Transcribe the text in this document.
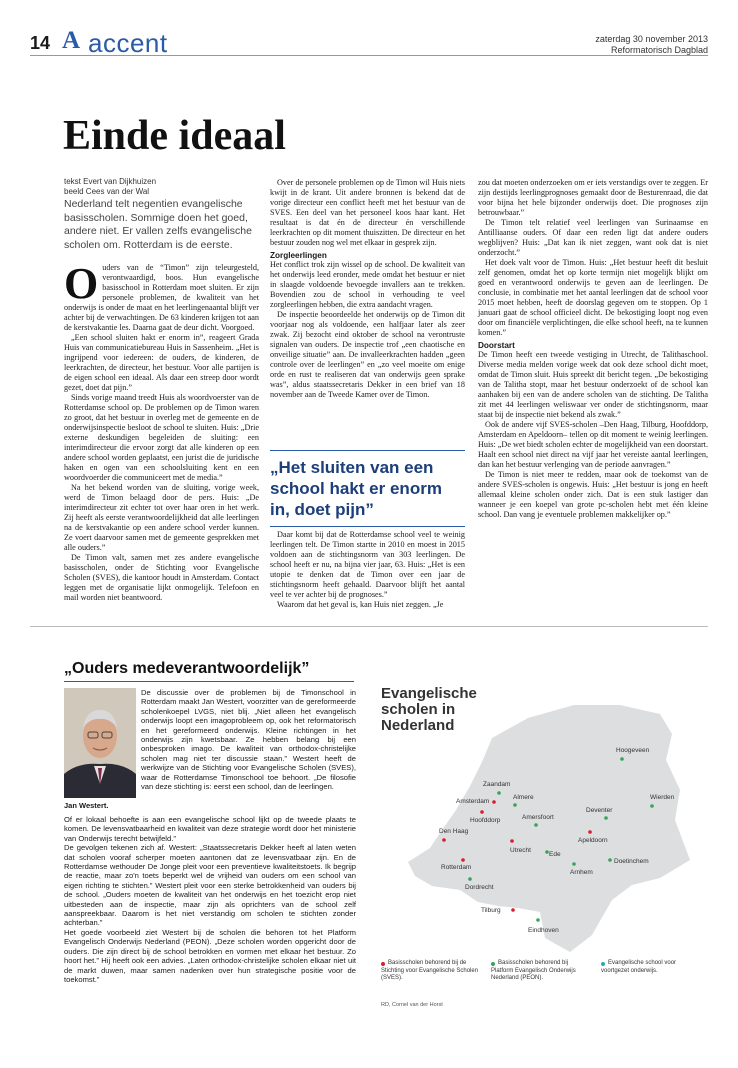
14 A accent	zaterdag 30 november 2013
Reformatorisch Dagblad
Einde ideaal
tekst Evert van Dijkhuizen
beeld Cees van der Wal
Nederland telt negentien evangelische basisscholen. Sommige doen het goed, andere niet. Er vallen zelfs evangelische scholen om. Rotterdam is de eerste.

Ouders van de “Timon” zijn teleurgesteld, verontwaardigd, boos. Hun evangelische basisschool in Rotterdam moet sluiten. Er zijn personele problemen, de kwaliteit van het onderwijs is onder de maat en het leerlingenaantal blijft ver achter bij de verwachtingen. De 63 kinderen krijgen tot aan de kerstvakantie les. Daarna gaat de deur dicht. Voorgoed.

„Een school sluiten hakt er enorm in”, reageert Grada Huis van communicatiebureau Huis in Sassenheim. „Het is ingrijpend voor iedereen: de ouders, de kinderen, de leerkrachten, de directeur, het bestuur. Voor alle partijen is de eigen school een ideaal. Als daar een streep door wordt gezet, doet dat pijn.”

Sinds vorige maand treedt Huis als woordvoerster van de Rotterdamse school op. De problemen op de Timon waren zo groot, dat het bestuur in overleg met de gemeente en de onderwijsinspectie besloot de school te sluiten. Huis: „Drie externe deskundigen begeleiden de sluiting: een interimdirecteur die ervoor zorgt dat alle kinderen op een andere school worden geplaatst, een jurist die de juridische haken en ogen van een schoolsluiting kent en een woordvoerder die communiceert met de media.”

Na het bekend worden van de sluiting, vorige week, werd de Timon belaagd door de pers. Huis: „De interimdirecteur zit echter tot over haar oren in het werk. Zij heeft als eerste verantwoordelijkheid dat alle leerlingen na de kerstvakantie op een andere school verder kunnen. Ze voert daarvoor samen met de gemeente gesprekken met alle ouders.”

De Timon valt, samen met zes andere evangelische basisscholen, onder de Stichting voor Evangelische Scholen (SVES), die kantoor houdt in Amsterdam. Contact leggen met de organisatie lijkt onmogelijk. Telefoon en mail worden niet beantwoord.

Over de personele problemen op de Timon wil Huis niets kwijt in de krant. Uit andere bronnen is bekend dat de vorige directeur een conflict heeft met het bestuur van de SVES. Een deel van het personeel koos haar kant. Het resultaat is dat én de directeur én verschillende leerkrachten op dit moment thuiszitten. De directeur en het bestuur zouden nog wel met elkaar in gesprek zijn.

Zorgleerlingen

Het conflict trok zijn wissel op de school. De kwaliteit van het onderwijs leed eronder, mede omdat het bestuur er niet in slaagde voldoende bevoegde invallers aan te trekken. Bovendien zou de school in verhouding te veel zorgleerlingen hebben, die extra aandacht vragen.

De inspectie beoordeelde het onderwijs op de Timon dit voorjaar nog als voldoende, een halfjaar later als zeer zwak. Zij bezocht eind oktober de school na verontruste signalen van ouders. De inspectie trof „een chaotische en onveilige situatie” aan. De invalleerkrachten hadden „geen controle over de leerlingen” en „zo veel moeite om enige orde en rust te realiseren dat van onderwijs geen sprake was”, aldus staatssecretaris Dekker in een brief van 18 november aan de Tweede Kamer over de Timon.

„Het sluiten van een school hakt er enorm in, doet pijn”

Daar komt bij dat de Rotterdamse school veel te weinig leerlingen telt. De Timon startte in 2010 en moest in 2015 voldoen aan de stichtingsnorm van 303 leerlingen. De school heeft er nu, na bijna vier jaar, 63. Huis: „Het is een utopie te denken dat de Timon over een jaar de stichtingsnorm heeft gehaald. Daarvoor blijft het aantal veel te ver achter bij de prognoses.”

Waarom dat het geval is, kan Huis niet zeggen. „Je

zou dat moeten onderzoeken om er iets verstandigs over te zeggen. Er zijn destijds leerlingprognoses gemaakt door de Besturenraad, die dat voor bijna het hele bijzonder onderwijs doet. Die prognoses zijn betrouwbaar.”

De Timon telt relatief veel leerlingen van Surinaamse en Antilliaanse ouders. Of daar een reden ligt dat andere ouders wegblijven? Huis: „Dat kan ik niet zeggen, want ook dat is niet onderzocht.”

Het doek valt voor de Timon. Huis: „Het bestuur heeft dit besluit zelf genomen, omdat het op korte termijn niet mogelijk blijkt om goed en verantwoord onderwijs te geven aan de leerlingen. De conclusie, in combinatie met het aantal leerlingen dat de school voor 2015 moet hebben, heeft de doorslag gegeven om te stoppen. Op 1 januari gaat de school officieel dicht. De bekostiging loopt nog even door om financiële verplichtingen, die elke school heeft, na te kunnen komen.”

Doorstart

De Timon heeft een tweede vestiging in Utrecht, de Talithaschool. Diverse media melden vorige week dat ook deze school dicht moet, omdat de Timon sluit. Huis spreekt dit bericht tegen. „De bekostiging van de Talitha stopt, maar het bestuur onderzoekt of de school kan aanhaken bij een van de andere scholen van de stichting. De Talitha zit met 44 leerlingen weliswaar ver onder de stichtingsnorm, maar staat bij de inspectie niet bekend als zwak.”

Ook de andere vijf SVES-scholen –Den Haag, Tilburg, Hoofddorp, Amsterdam en Apeldoorn– tellen op dit moment te weinig leerlingen. Huis: „De wet biedt scholen echter de mogelijkheid van een doorstart. Haalt een school niet direct na vijf jaar het vereiste aantal leerlingen, dan kan het bestuur verlenging van de periode aanvragen.”

De Timon is niet meer te redden, maar ook de toekomst van de andere SVES-scholen is ongewis. Huis: „Het bestuur is jong en heeft allemaal kleine scholen onder zich. Dat is een stuk lastiger dan wanneer je een koepel van grote pc-scholen hebt met één kleine school. Dan vang je eventuele problemen makkelijker op.”

„Ouders medeverantwoordelijk”
Jan Westert.
De discussie over de problemen bij de Timonschool in Rotterdam maakt Jan Westert, voorzitter van de gereformeerde scholenkoepel LVGS, niet blij. „Niet alleen het evangelisch onderwijs loopt een imagoprobleem op, ook het reformatorisch en het gereformeerd onderwijs. Kleine richtingen in het onderwijs zijn kwetsbaar. Ze hebben belang bij een onbesproken imago. De kwaliteit van orthodox-christelijke scholen mag niet ter discussie staan.” Westert heeft de werkwijze van de Stichting voor Evangelische Scholen (SVES), waar de Rotterdamse Timonschool toe behoort. „De filosofie van deze stichting is: eerst een school, dan de leerlingen.

Of er lokaal behoefte is aan een evangelische school lijkt op de tweede plaats te komen. De levensvatbaarheid en kwaliteit van deze strategie wordt door het ministerie van Onderwijs terecht betwijfeld.”

De gevolgen tekenen zich af. Westert: „Staatssecretaris Dekker heeft al laten weten dat scholen vooraf scherper moeten aantonen dat ze levensvatbaar zijn. En de Rotterdamse wethouder De Jonge pleit voor een preventieve kwaliteitstoets. Ik begrijp de reactie, maar zo'n toets beperkt wel de vrijheid van ouders om een school van eigen richting te stichten.” Westert pleit voor een sterke betrokkenheid van ouders bij de school. „Ouders moeten de kwaliteit van het onderwijs en het toezicht erop niet uitbesteden aan de inspectie, maar zijn als oprichters van de school zelf aanspreekbaar. Daarom is het niet verstandig om scholen te stichten zonder achterban.”

Het goede voorbeeld ziet Westert bij de scholen die behoren tot het Platform Evangelisch Onderwijs Nederland (PEON). „Deze scholen worden opgericht door de ouders. Die zijn direct bij de school betrokken en vormen met elkaar het bestuur. Zo hoort het.” Hij heeft ook een advies. „Laten orthodox-christelijke scholen elkaar niet uit de markt duwen, maar samen nadenken over hun strategische positie voor de toekomst.”

Hoogeveen
Zaandam
Amsterdam
Almere
Hoofddorp
Wierden
Deventer
Amersfoort
Den Haag
Utrecht
Apeldoorn
Ede
Doetinchem
Arnhem
Rotterdam
Dordrecht
Tilburg
Eindhoven
Evangelische
scholen in
Nederland
Basisscholen behorend bij de Stichting voor Evangelische Scholen (SVES).
Basisscholen behorend bij Platform Evangelisch Onderwijs Nederland (PEON).
Evangelische school voor voortgezet onderwijs.
RD, Cornel van der Horst
